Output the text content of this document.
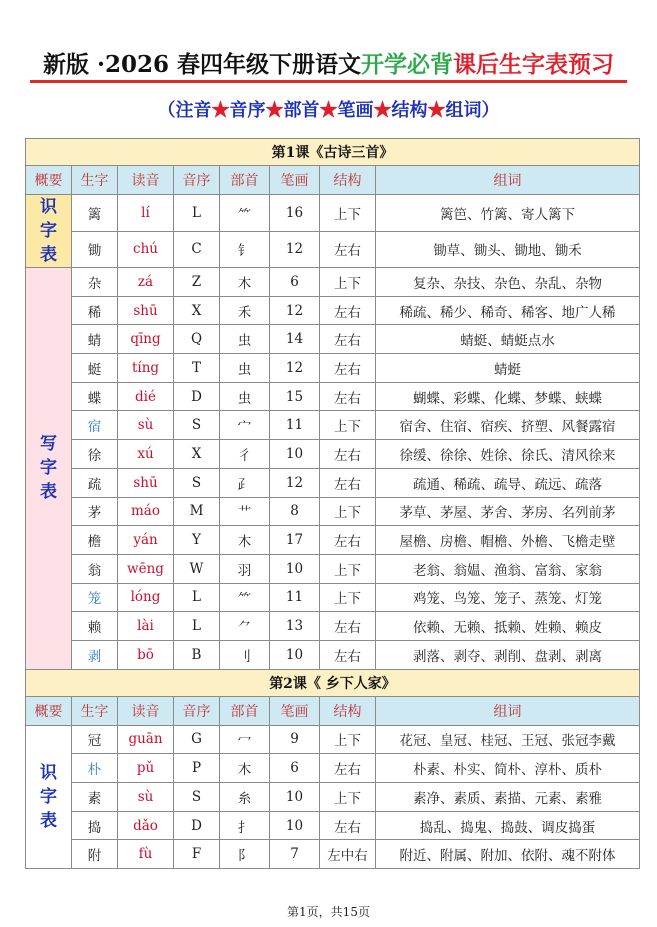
新版 ·2026 春四年级下册语文开学必背课后生字表预习
（注音★音序★部首★笔画★结构★组词）
第1课《古诗三首》							
概要	生字	读音	音序	部首	笔画	结构	组词

识
字
表	篱	lí	L	⺮	16	上下	篱笆、竹篱、寄人篱下
	锄	chú	C	钅	12	左右	锄草、锄头、锄地、锄禾

写
字
表	杂	zá	Z	木	6	上下	复杂、杂技、杂色、杂乱、杂物
	稀	shū	X	禾	12	左右	稀疏、稀少、稀奇、稀客、地广人稀
	蜻	qīng	Q	虫	14	左右	蜻蜓、蜻蜓点水
	蜓	tíng	T	虫	12	左右	蜻蜓
	蝶	dié	D	虫	15	左右	蝴蝶、彩蝶、化蝶、梦蝶、蛱蝶
	宿	sù	S	宀	11	上下	宿舍、住宿、宿疾、挤塑、风餐露宿
	徐	xú	X	彳	10	左右	徐缓、徐徐、姓徐、徐氏、清风徐来
	疏	shū	S	⺪	12	左右	疏通、稀疏、疏导、疏远、疏落
	茅	máo	M	艹	8	上下	茅草、茅屋、茅舍、茅房、名列前茅
	檐	yán	Y	木	17	左右	屋檐、房檐、帽檐、外檐、飞檐走壁
	翁	wēng	W	羽	10	上下	老翁、翁媪、渔翁、富翁、家翁
	笼	lóng	L	⺮	11	上下	鸡笼、鸟笼、笼子、蒸笼、灯笼
	赖	lài	L	⺈	13	左右	依赖、无赖、抵赖、姓赖、赖皮
	剥	bō	B	刂	10	左右	剥落、剥夺、剥削、盘剥、剥离
第2课《 乡下人家》							
概要	生字	读音	音序	部首	笔画	结构	组词

识
字
表	冠	guān	G	冖	9	上下	花冠、皇冠、桂冠、王冠、张冠李戴
	朴	pǔ	P	木	6	左右	朴素、朴实、简朴、淳朴、质朴
	素	sù	S	糸	10	上下	素净、素质、素描、元素、素雅
	捣	dǎo	D	扌	10	左右	捣乱、捣鬼、捣鼓、调皮捣蛋
	附	fù	F	阝	7	左中右	附近、附属、附加、依附、魂不附体
第1页，共15页
